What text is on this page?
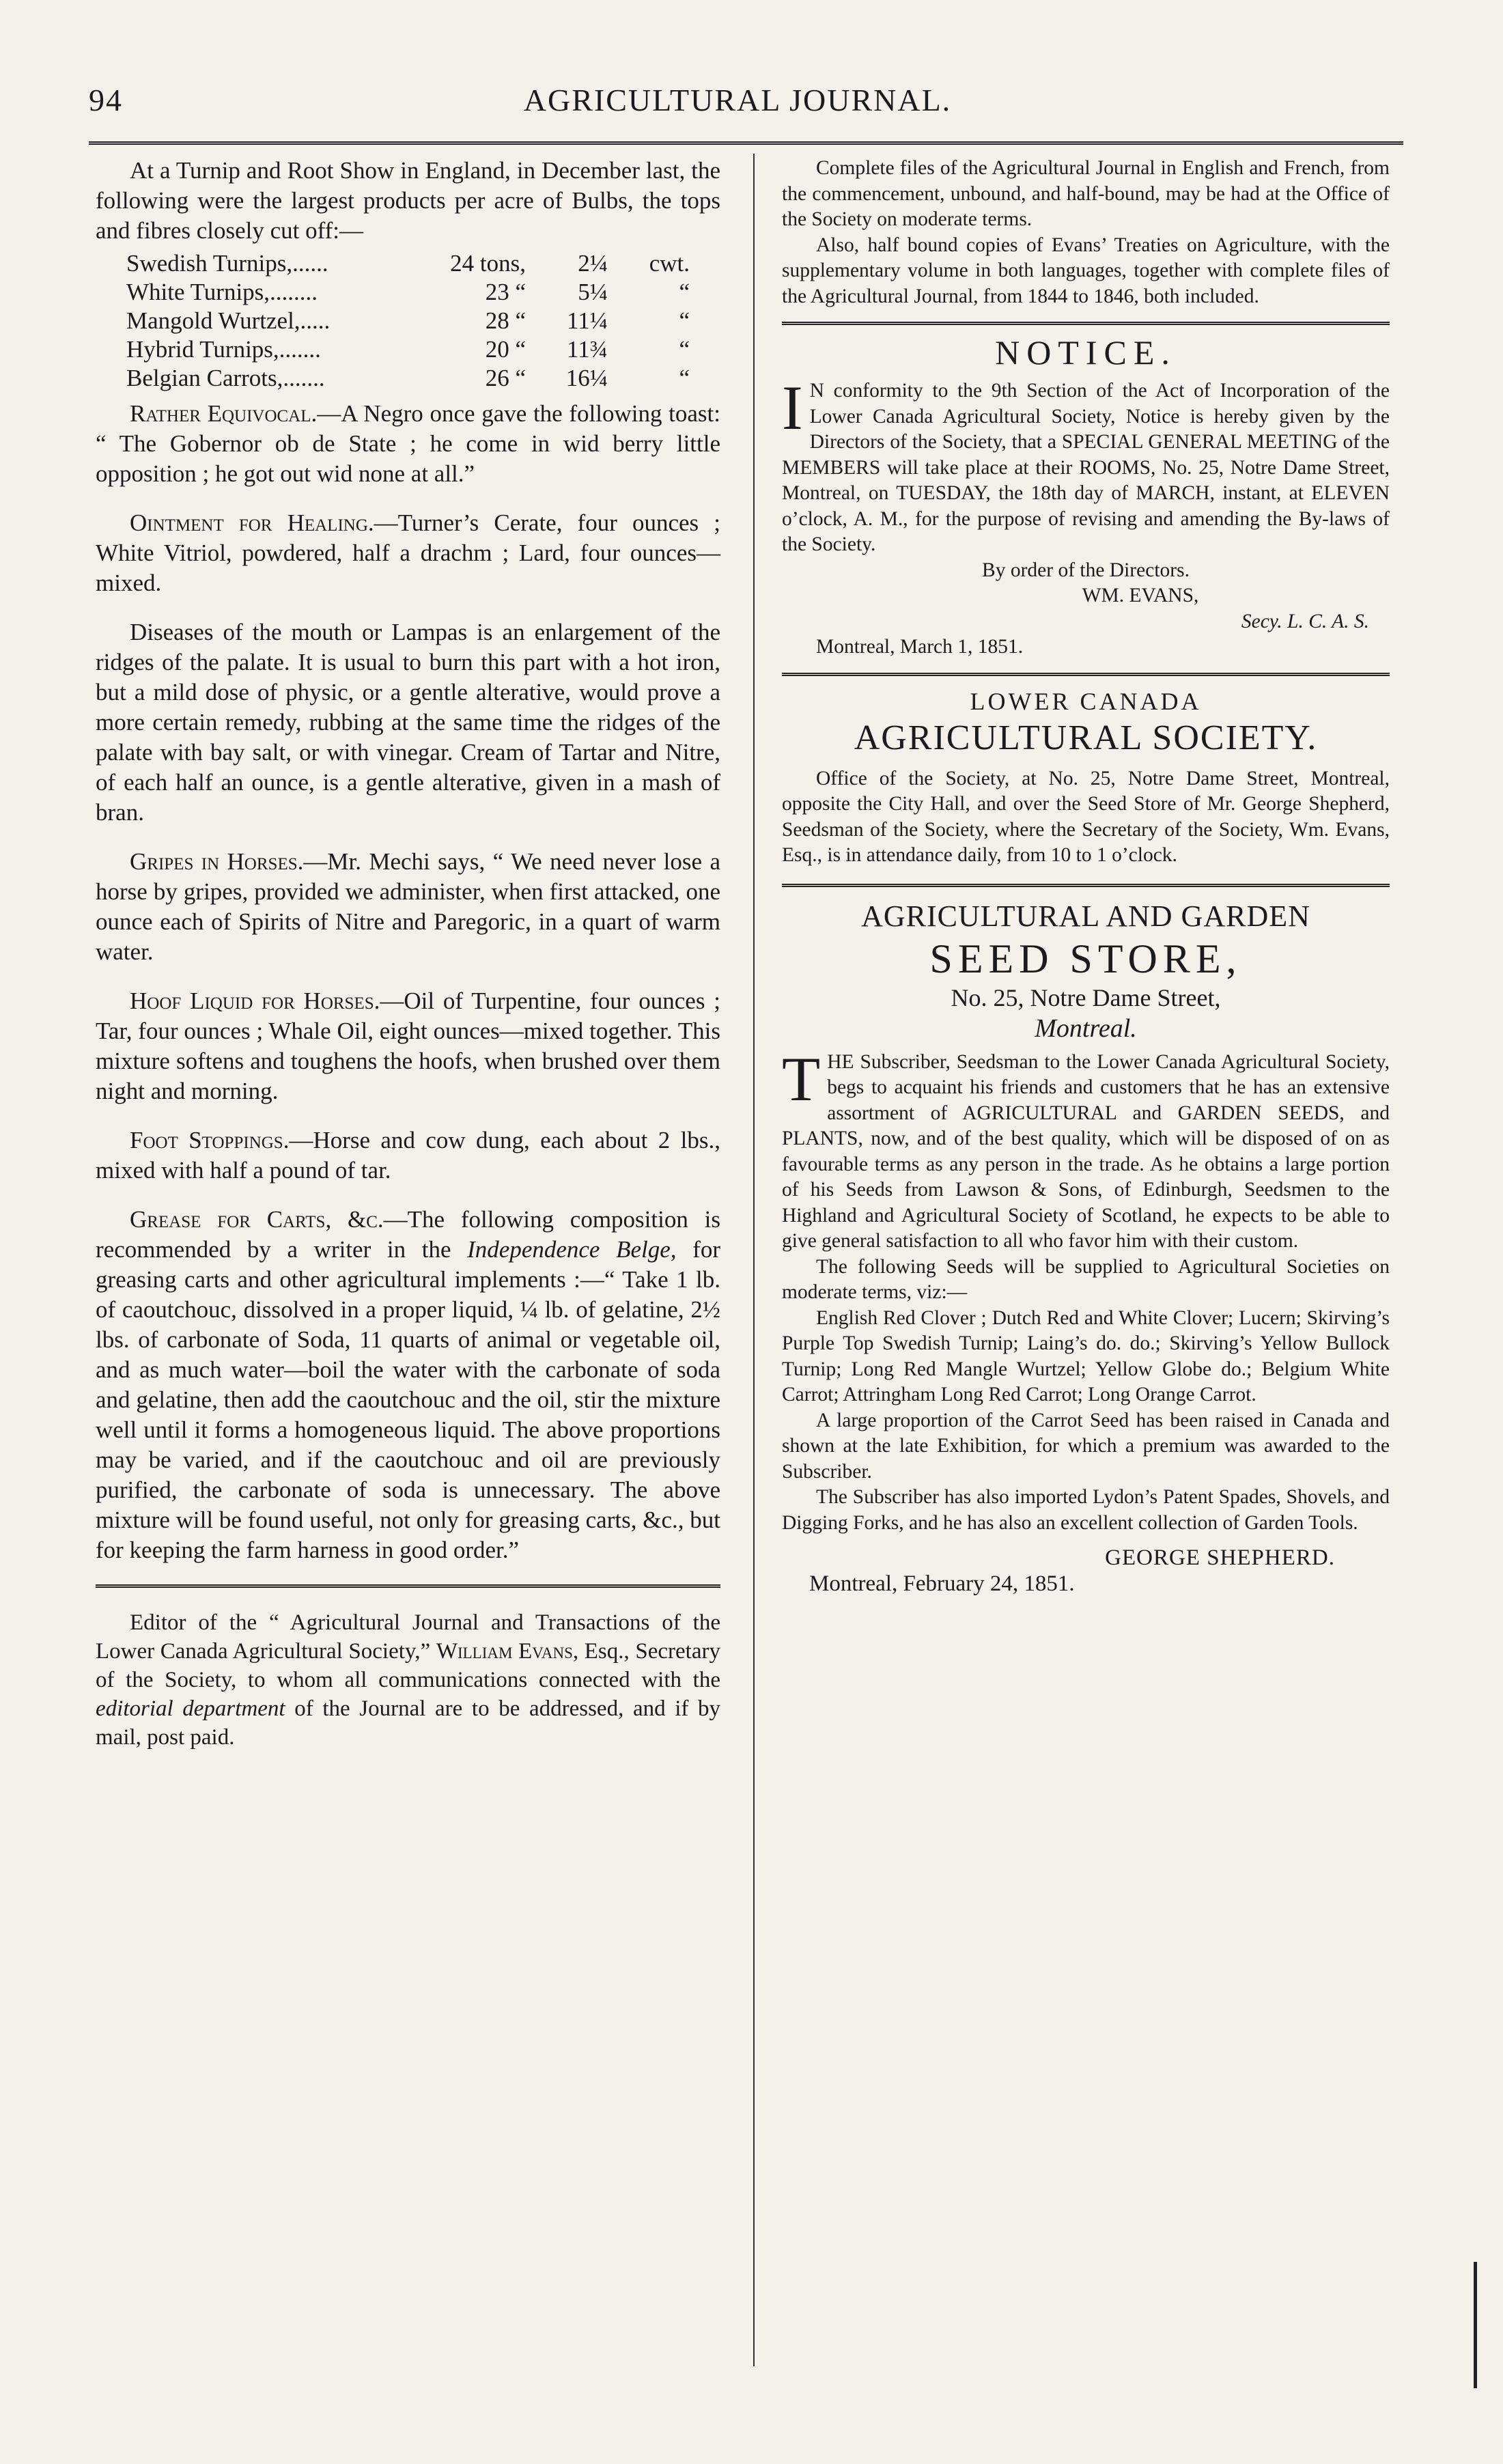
94	AGRICULTURAL JOURNAL.

At a Turnip and Root Show in England, in December last, the following were the largest products per acre of Bulbs, the tops and fibres closely cut off:—

Swedish Turnips,......	24 tons,	2¼	cwt.
White Turnips,........	23 “	5¼	“
Mangold Wurtzel,.....	28 “	11¼	“
Hybrid Turnips,.......	20 “	11¾	“
Belgian Carrots,.......	26 “	16¼	“

Rather Equivocal.—A Negro once gave the following toast: “ The Gobernor ob de State ; he come in wid berry little opposition ; he got out wid none at all.”

Ointment for Healing.—Turner’s Cerate, four ounces ; White Vitriol, powdered, half a drachm ; Lard, four ounces—mixed.

Diseases of the mouth or Lampas is an enlargement of the ridges of the palate. It is usual to burn this part with a hot iron, but a mild dose of physic, or a gentle alterative, would prove a more certain remedy, rubbing at the same time the ridges of the palate with bay salt, or with vinegar. Cream of Tartar and Nitre, of each half an ounce, is a gentle alterative, given in a mash of bran.

Gripes in Horses.—Mr. Mechi says, “ We need never lose a horse by gripes, provided we administer, when first attacked, one ounce each of Spirits of Nitre and Paregoric, in a quart of warm water.

Hoof Liquid for Horses.—Oil of Turpentine, four ounces ; Tar, four ounces ; Whale Oil, eight ounces—mixed together. This mixture softens and toughens the hoofs, when brushed over them night and morning.

Foot Stoppings.—Horse and cow dung, each about 2 lbs., mixed with half a pound of tar.

Grease for Carts, &c.—The following composition is recommended by a writer in the Independence Belge, for greasing carts and other agricultural implements :—“ Take 1 lb. of caoutchouc, dissolved in a proper liquid, ¼ lb. of gelatine, 2½ lbs. of carbonate of Soda, 11 quarts of animal or vegetable oil, and as much water—boil the water with the carbonate of soda and gelatine, then add the caoutchouc and the oil, stir the mixture well until it forms a homogeneous liquid. The above proportions may be varied, and if the caoutchouc and oil are previously purified, the carbonate of soda is unnecessary. The above mixture will be found useful, not only for greasing carts, &c., but for keeping the farm harness in good order.”

Editor of the “ Agricultural Journal and Transactions of the Lower Canada Agricultural Society,” William Evans, Esq., Secretary of the Society, to whom all communications connected with the editorial department of the Journal are to be addressed, and if by mail, post paid.

Complete files of the Agricultural Journal in English and French, from the commencement, unbound, and half-bound, may be had at the Office of the Society on moderate terms.

Also, half bound copies of Evans’ Treaties on Agriculture, with the supplementary volume in both languages, together with complete files of the Agricultural Journal, from 1844 to 1846, both included.

NOTICE.

I N conformity to the 9th Section of the Act of Incorporation of the Lower Canada Agricultural Society, Notice is hereby given by the Directors of the Society, that a SPECIAL GENERAL MEETING of the MEMBERS will take place at their ROOMS, No. 25, Notre Dame Street, Montreal, on TUESDAY, the 18th day of MARCH, instant, at ELEVEN o’clock, A. M., for the purpose of revising and amending the By-laws of the Society.

By order of the Directors.

WM. EVANS,

Secy. L. C. A. S.

Montreal, March 1, 1851.

LOWER CANADA
AGRICULTURAL SOCIETY.

Office of the Society, at No. 25, Notre Dame Street, Montreal, opposite the City Hall, and over the Seed Store of Mr. George Shepherd, Seedsman of the Society, where the Secretary of the Society, Wm. Evans, Esq., is in attendance daily, from 10 to 1 o’clock.

AGRICULTURAL AND GARDEN
SEED STORE,
No. 25, Notre Dame Street,
Montreal.

THE Subscriber, Seedsman to the Lower Canada Agricultural Society, begs to acquaint his friends and customers that he has an extensive assortment of AGRICULTURAL and GARDEN SEEDS, and PLANTS, now, and of the best quality, which will be disposed of on as favourable terms as any person in the trade. As he obtains a large portion of his Seeds from Lawson & Sons, of Edinburgh, Seedsmen to the Highland and Agricultural Society of Scotland, he expects to be able to give general satisfaction to all who favor him with their custom.

The following Seeds will be supplied to Agricultural Societies on moderate terms, viz:—

English Red Clover ; Dutch Red and White Clover; Lucern; Skirving’s Purple Top Swedish Turnip; Laing’s do. do.; Skirving’s Yellow Bullock Turnip; Long Red Mangle Wurtzel; Yellow Globe do.; Belgium White Carrot; Attringham Long Red Carrot; Long Orange Carrot.

A large proportion of the Carrot Seed has been raised in Canada and shown at the late Exhibition, for which a premium was awarded to the Subscriber.

The Subscriber has also imported Lydon’s Patent Spades, Shovels, and Digging Forks, and he has also an excellent collection of Garden Tools.

GEORGE SHEPHERD.

Montreal, February 24, 1851.
